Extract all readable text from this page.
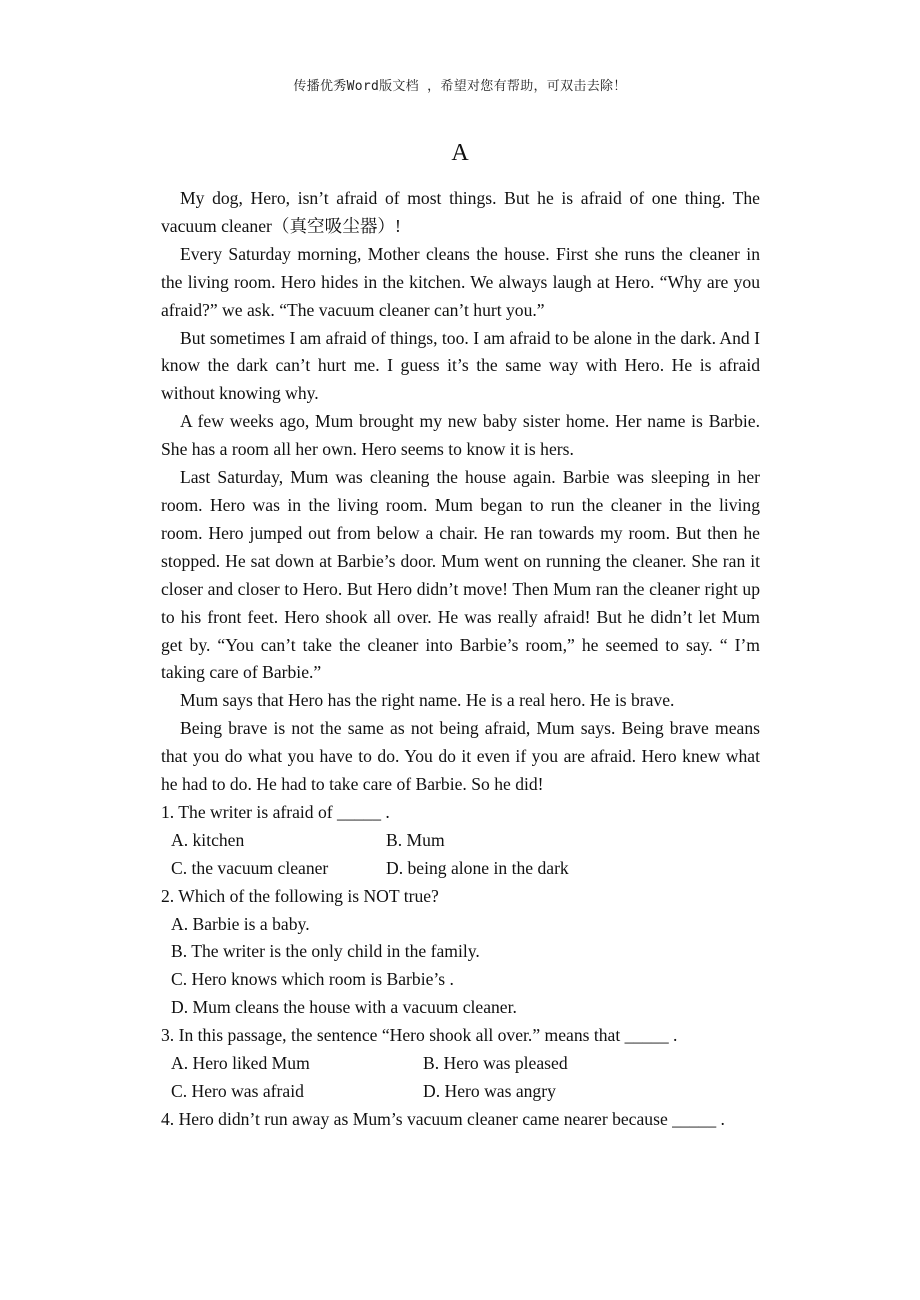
传播优秀Word版文档 ，希望对您有帮助，可双击去除！
A

My dog, Hero, isn’t afraid of most things. But he is afraid of one thing. The vacuum cleaner（真空吸尘器）!

Every Saturday morning, Mother cleans the house. First she runs the cleaner in the living room. Hero hides in the kitchen. We always laugh at Hero. “Why are you afraid?” we ask. “The vacuum cleaner can’t hurt you.”

But sometimes I am afraid of things, too. I am afraid to be alone in the dark. And I know the dark can’t hurt me. I guess it’s the same way with Hero. He is afraid without knowing why.

A few weeks ago, Mum brought my new baby sister home. Her name is Barbie. She has a room all her own. Hero seems to know it is hers.

Last Saturday, Mum was cleaning the house again. Barbie was sleeping in her room. Hero was in the living room. Mum began to run the cleaner in the living room. Hero jumped out from below a chair. He ran towards my room. But then he stopped. He sat down at Barbie’s door. Mum went on running the cleaner. She ran it closer and closer to Hero. But Hero didn’t move! Then Mum ran the cleaner right up to his front feet. Hero shook all over. He was really afraid! But he didn’t let Mum get by. “You can’t take the cleaner into Barbie’s room,” he seemed to say. “ I’m taking care of Barbie.”

Mum says that Hero has the right name. He is a real hero. He is brave.

Being brave is not the same as not being afraid, Mum says. Being brave means that you do what you have to do. You do it even if you are afraid. Hero knew what he had to do. He had to take care of Barbie. So he did!

1. The writer is afraid of _____ .

A. kitchen	B. Mum
C. the vacuum cleaner	D. being alone in the dark

2. Which of the following is NOT true?

A. Barbie is a baby.
B. The writer is the only child in the family.
C. Hero knows which room is Barbie’s .
D. Mum cleans the house with a vacuum cleaner.

3. In this passage, the sentence “Hero shook all over.” means that _____ .

A. Hero liked Mum	B. Hero was pleased
C. Hero was afraid	D. Hero was angry

4. Hero didn’t run away as Mum’s vacuum cleaner came nearer because _____ .
